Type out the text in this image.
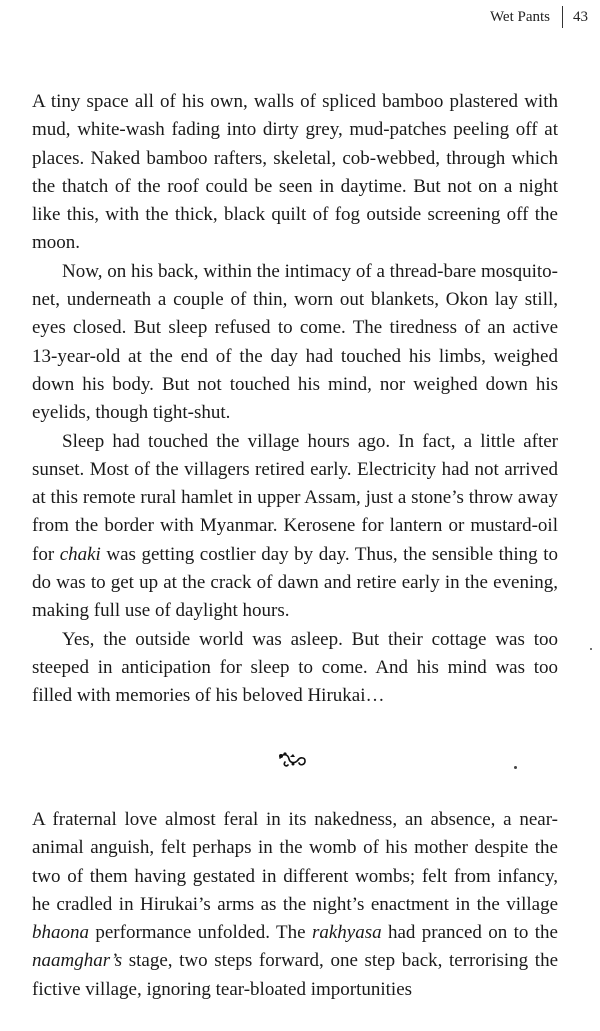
Wet Pants 43

A tiny space all of his own, walls of spliced bamboo plastered with mud, white-wash fading into dirty grey, mud-patches peeling off at places. Naked bamboo rafters, skeletal, cob-webbed, through which the thatch of the roof could be seen in daytime. But not on a night like this, with the thick, black quilt of fog outside screening off the moon.

Now, on his back, within the intimacy of a thread-bare mosquito-net, underneath a couple of thin, worn out blankets, Okon lay still, eyes closed. But sleep refused to come. The tiredness of an active 13-year-old at the end of the day had touched his limbs, weighed down his body. But not touched his mind, nor weighed down his eyelids, though tight-shut.

Sleep had touched the village hours ago. In fact, a little after sunset. Most of the villagers retired early. Electricity had not arrived at this remote rural hamlet in upper Assam, just a stone’s throw away from the border with Myanmar. Kerosene for lantern or mustard-oil for chaki was getting costlier day by day. Thus, the sensible thing to do was to get up at the crack of dawn and retire early in the evening, making full use of daylight hours.

Yes, the outside world was asleep. But their cottage was too steeped in anticipation for sleep to come. And his mind was too filled with memories of his beloved Hirukai…

A fraternal love almost feral in its nakedness, an absence, a near-animal anguish, felt perhaps in the womb of his mother despite the two of them having gestated in different wombs; felt from infancy, he cradled in Hirukai’s arms as the night’s enactment in the village bhaona performance unfolded. The rakhyasa had pranced on to the naamghar’s stage, two steps forward, one step back, terrorising the fictive village, ignoring tear-bloated importunities
